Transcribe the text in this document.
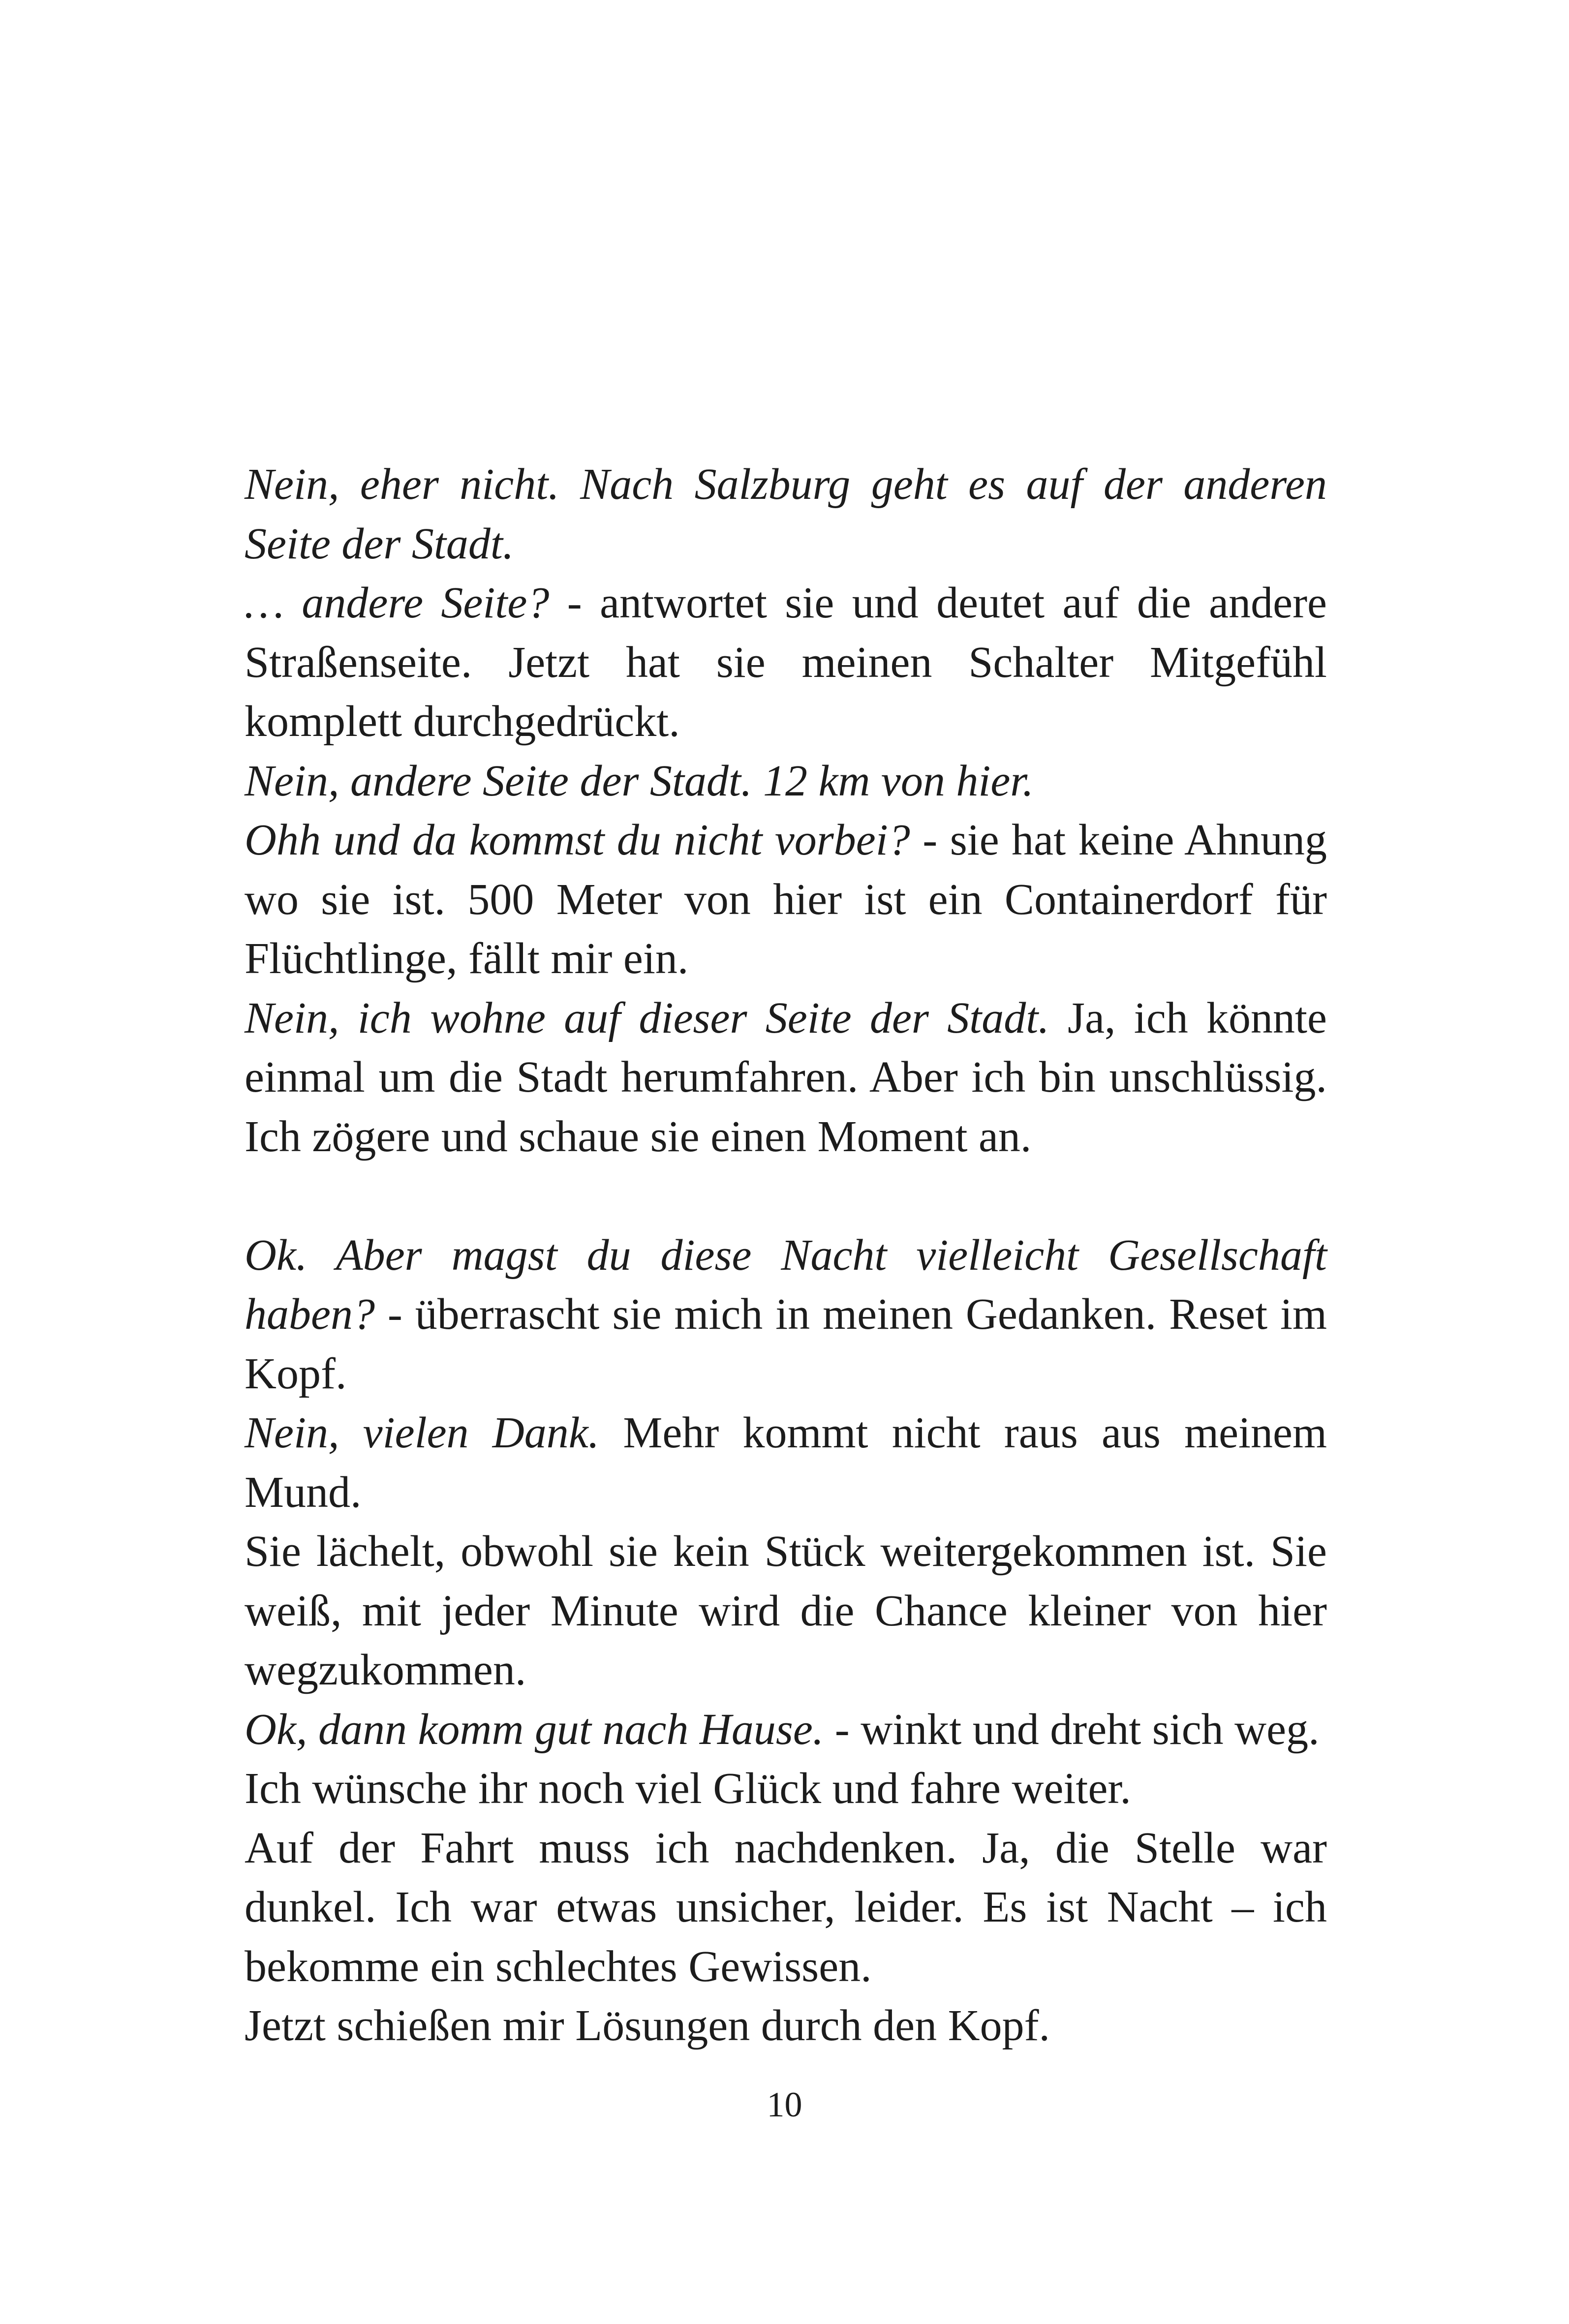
Nein, eher nicht. Nach Salzburg geht es auf der anderen Seite der Stadt.

… andere Seite? - antwortet sie und deutet auf die andere Straßenseite. Jetzt hat sie meinen Schalter Mitgefühl komplett durchgedrückt.

Nein, andere Seite der Stadt. 12 km von hier.

Ohh und da kommst du nicht vorbei? - sie hat keine Ahnung wo sie ist. 500 Meter von hier ist ein Containerdorf für Flüchtlinge, fällt mir ein.

Nein, ich wohne auf dieser Seite der Stadt. Ja, ich könnte einmal um die Stadt herumfahren. Aber ich bin unschlüssig. Ich zögere und schaue sie einen Moment an.

Ok. Aber magst du diese Nacht vielleicht Gesellschaft haben? - überrascht sie mich in meinen Gedanken. Reset im Kopf.

Nein, vielen Dank. Mehr kommt nicht raus aus meinem Mund.

Sie lächelt, obwohl sie kein Stück weitergekommen ist. Sie weiß, mit jeder Minute wird die Chance kleiner von hier wegzukommen.

Ok, dann komm gut nach Hause. - winkt und dreht sich weg.

Ich wünsche ihr noch viel Glück und fahre weiter.

Auf der Fahrt muss ich nachdenken. Ja, die Stelle war dunkel. Ich war etwas unsicher, leider. Es ist Nacht – ich bekomme ein schlechtes Gewissen.

Jetzt schießen mir Lösungen durch den Kopf.

10
